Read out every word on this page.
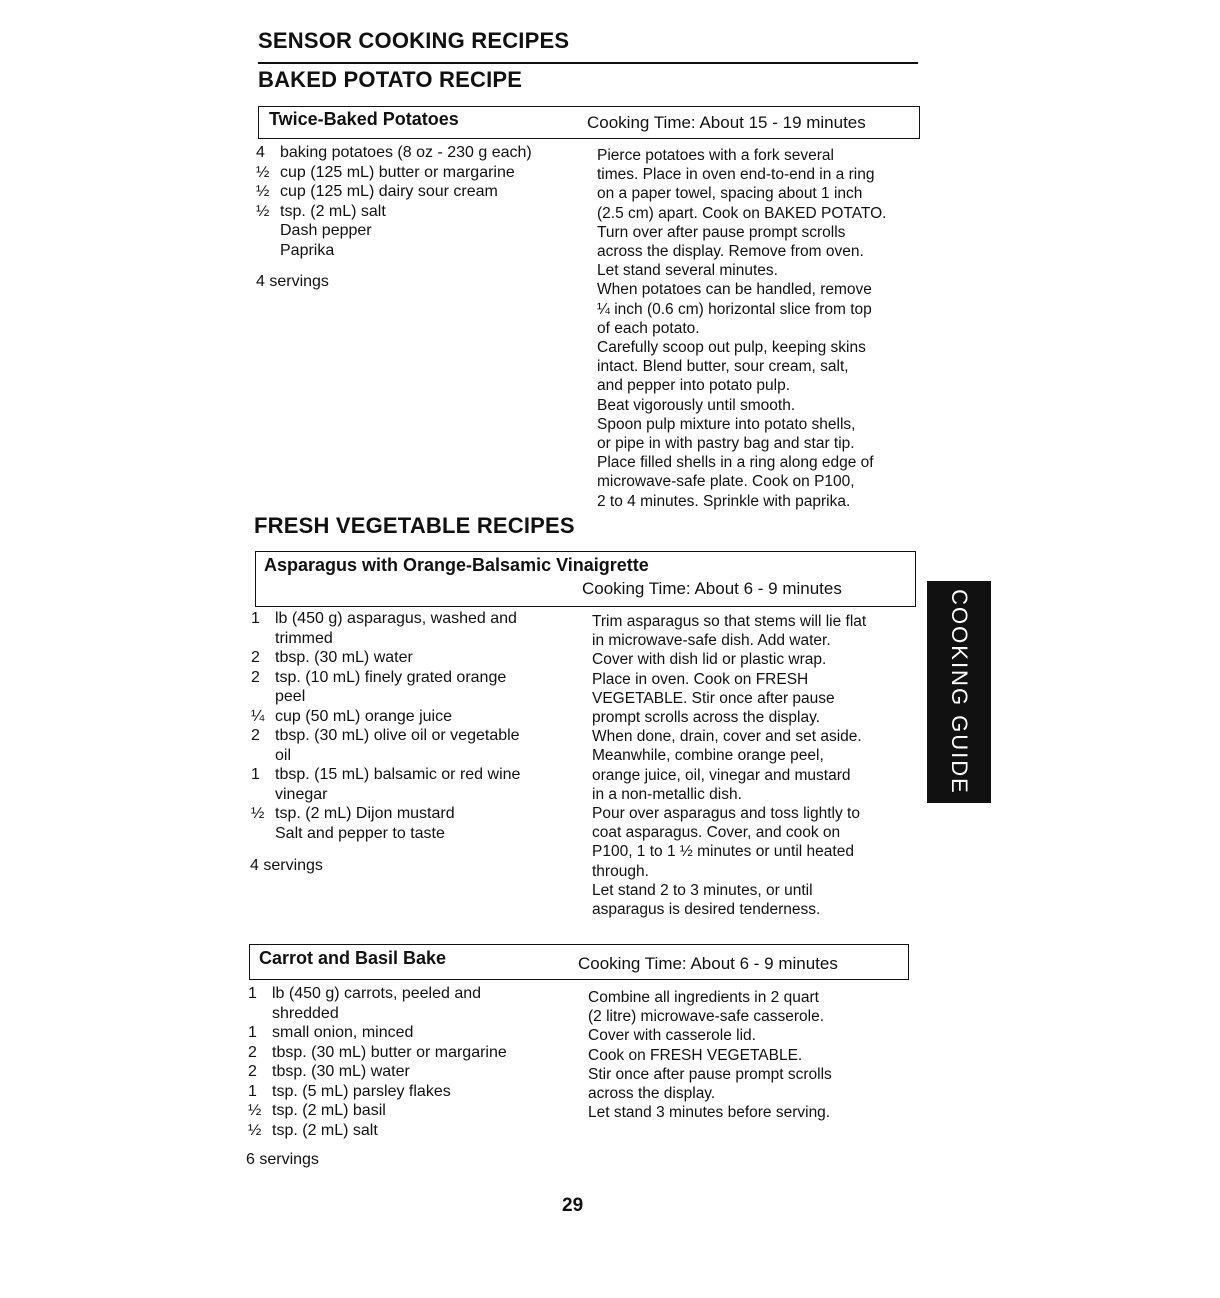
SENSOR COOKING RECIPES
BAKED POTATO RECIPE
Twice-Baked Potatoes	Cooking Time: About 15 - 19 minutes
4 baking potatoes (8 oz - 230 g each)
½ cup (125 mL) butter or margarine
½ cup (125 mL) dairy sour cream
½ tsp. (2 mL) salt
Dash pepper
Paprika
4 servings
Pierce potatoes with a fork several
times. Place in oven end-to-end in a ring
on a paper towel, spacing about 1 inch
(2.5 cm) apart. Cook on BAKED POTATO.
Turn over after pause prompt scrolls
across the display. Remove from oven.
Let stand several minutes.
When potatoes can be handled, remove
¼ inch (0.6 cm) horizontal slice from top
of each potato.
Carefully scoop out pulp, keeping skins
intact. Blend butter, sour cream, salt,
and pepper into potato pulp.
Beat vigorously until smooth.
Spoon pulp mixture into potato shells,
or pipe in with pastry bag and star tip.
Place filled shells in a ring along edge of
microwave-safe plate. Cook on P100,
2 to 4 minutes. Sprinkle with paprika.
FRESH VEGETABLE RECIPES
Asparagus with Orange-Balsamic Vinaigrette
Cooking Time: About 6 - 9 minutes
1 lb (450 g) asparagus, washed and
trimmed
2 tbsp. (30 mL) water
2 tsp. (10 mL) finely grated orange
peel
¼ cup (50 mL) orange juice
2 tbsp. (30 mL) olive oil or vegetable
oil
1 tbsp. (15 mL) balsamic or red wine
vinegar
½ tsp. (2 mL) Dijon mustard
Salt and pepper to taste
4 servings
Trim asparagus so that stems will lie flat
in microwave-safe dish. Add water.
Cover with dish lid or plastic wrap.
Place in oven. Cook on FRESH
VEGETABLE. Stir once after pause
prompt scrolls across the display.
When done, drain, cover and set aside.
Meanwhile, combine orange peel,
orange juice, oil, vinegar and mustard
in a non-metallic dish.
Pour over asparagus and toss lightly to
coat asparagus. Cover, and cook on
P100, 1 to 1 ½ minutes or until heated
through.
Let stand 2 to 3 minutes, or until
asparagus is desired tenderness.
Carrot and Basil Bake	Cooking Time: About 6 - 9 minutes
1 lb (450 g) carrots, peeled and
shredded
1 small onion, minced
2 tbsp. (30 mL) butter or margarine
2 tbsp. (30 mL) water
1 tsp. (5 mL) parsley flakes
½ tsp. (2 mL) basil
½ tsp. (2 mL) salt
6 servings
Combine all ingredients in 2 quart
(2 litre) microwave-safe casserole.
Cover with casserole lid.
Cook on FRESH VEGETABLE.
Stir once after pause prompt scrolls
across the display.
Let stand 3 minutes before serving.
COOKING GUIDE
29
